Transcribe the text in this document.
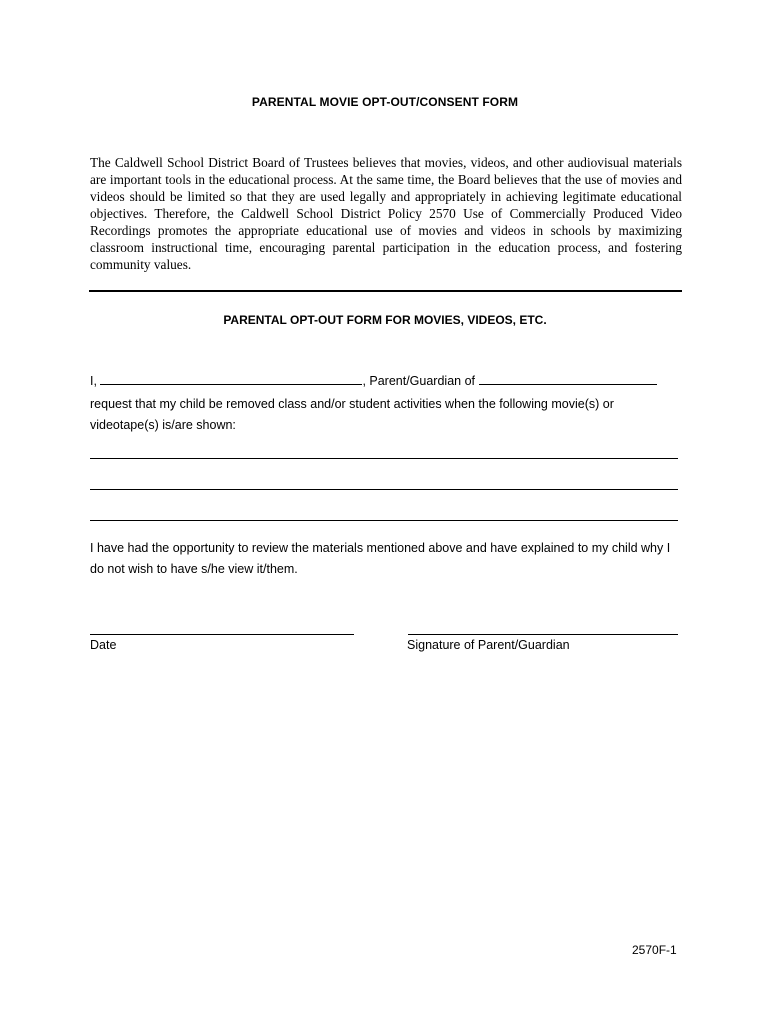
PARENTAL MOVIE OPT-OUT/CONSENT FORM
The Caldwell School District Board of Trustees believes that movies, videos, and other audiovisual materials are important tools in the educational process. At the same time, the Board believes that the use of movies and videos should be limited so that they are used legally and appropriately in achieving legitimate educational objectives. Therefore, the Caldwell School District Policy 2570 Use of Commercially Produced Video Recordings promotes the appropriate educational use of movies and videos in schools by maximizing classroom instructional time, encouraging parental participation in the education process, and fostering community values.
PARENTAL OPT-OUT FORM FOR MOVIES, VIDEOS, ETC.
I,	, Parent/Guardian of
request that my child be removed class and/or student activities when the following movie(s) or videotape(s) is/are shown:
I have had the opportunity to review the materials mentioned above and have explained to my child why I do not wish to have s/he view it/them.
Date	Signature of Parent/Guardian
2570F-1
